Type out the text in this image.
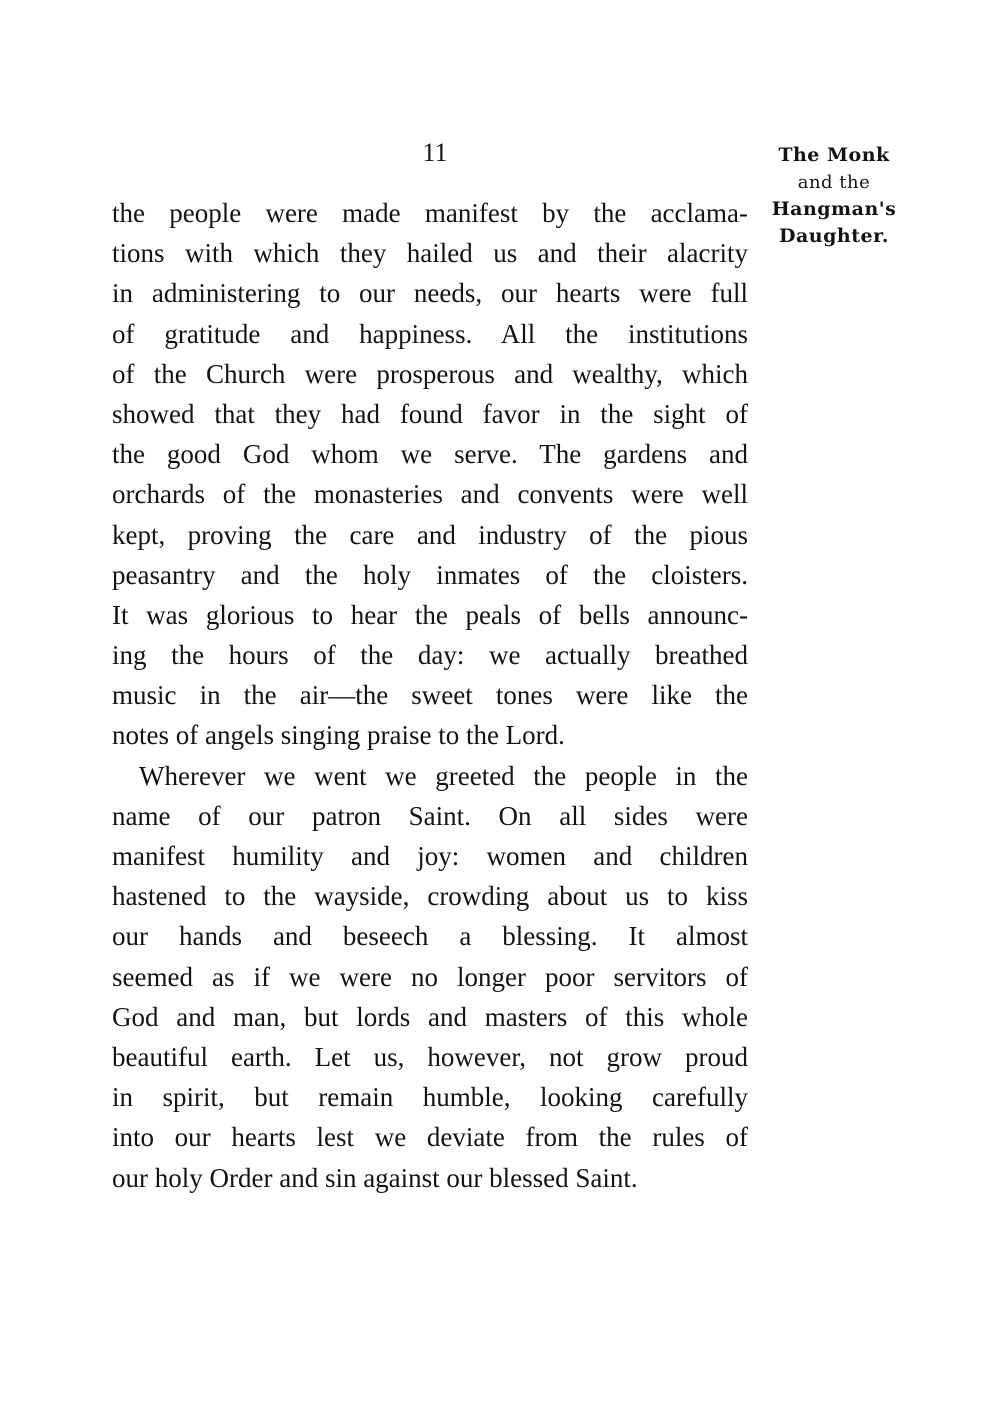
11	The Monk
and the
Hangman's
Daughter.
the people were made manifest by the acclama-
tions with which they hailed us and their alacrity
in administering to our needs, our hearts were full
of gratitude and happiness. All the institutions
of the Church were prosperous and wealthy, which
showed that they had found favor in the sight of
the good God whom we serve. The gardens and
orchards of the monasteries and convents were well
kept, proving the care and industry of the pious
peasantry and the holy inmates of the cloisters.
It was glorious to hear the peals of bells announc-
ing the hours of the day: we actually breathed
music in the air—the sweet tones were like the
notes of angels singing praise to the Lord.
Wherever we went we greeted the people in the
name of our patron Saint. On all sides were
manifest humility and joy: women and children
hastened to the wayside, crowding about us to kiss
our hands and beseech a blessing. It almost
seemed as if we were no longer poor servitors of
God and man, but lords and masters of this whole
beautiful earth. Let us, however, not grow proud
in spirit, but remain humble, looking carefully
into our hearts lest we deviate from the rules of
our holy Order and sin against our blessed Saint.
